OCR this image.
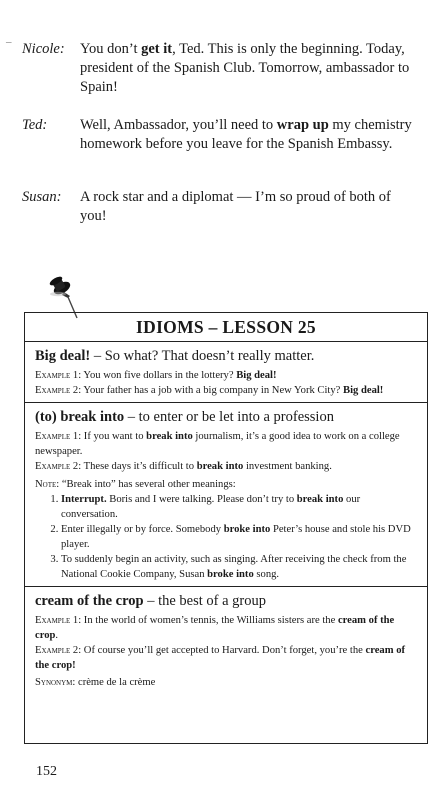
– Nicole:	You don’t get it, Ted. This is only the beginning. Today, president of the Spanish Club. Tomorrow, ambassador to Spain!
Ted:	Well, Ambassador, you’ll need to wrap up my chemistry homework before you leave for the Spanish Embassy.
Susan:	A rock star and a diplomat — I’m so proud of both of you!
IDIOMS – LESSON 25
Big deal! – So what? That doesn’t really matter.
Example 1: You won five dollars in the lottery? Big deal!
Example 2: Your father has a job with a big company in New York City? Big deal!
(to) break into – to enter or be let into a profession
Example 1: If you want to break into journalism, it’s a good idea to work on a college newspaper.
Example 2: These days it’s difficult to break into investment banking.
Note: “Break into” has several other meanings:
1. Interrupt. Boris and I were talking. Please don’t try to break into our conversation.
2. Enter illegally or by force. Somebody broke into Peter’s house and stole his DVD player.
3. To suddenly begin an activity, such as singing. After receiving the check from the National Cookie Company, Susan broke into song.
cream of the crop – the best of a group
Example 1: In the world of women’s tennis, the Williams sisters are the cream of the crop.
Example 2: Of course you’ll get accepted to Harvard. Don’t forget, you’re the cream of the crop!
Synonym: crème de la crème
152
